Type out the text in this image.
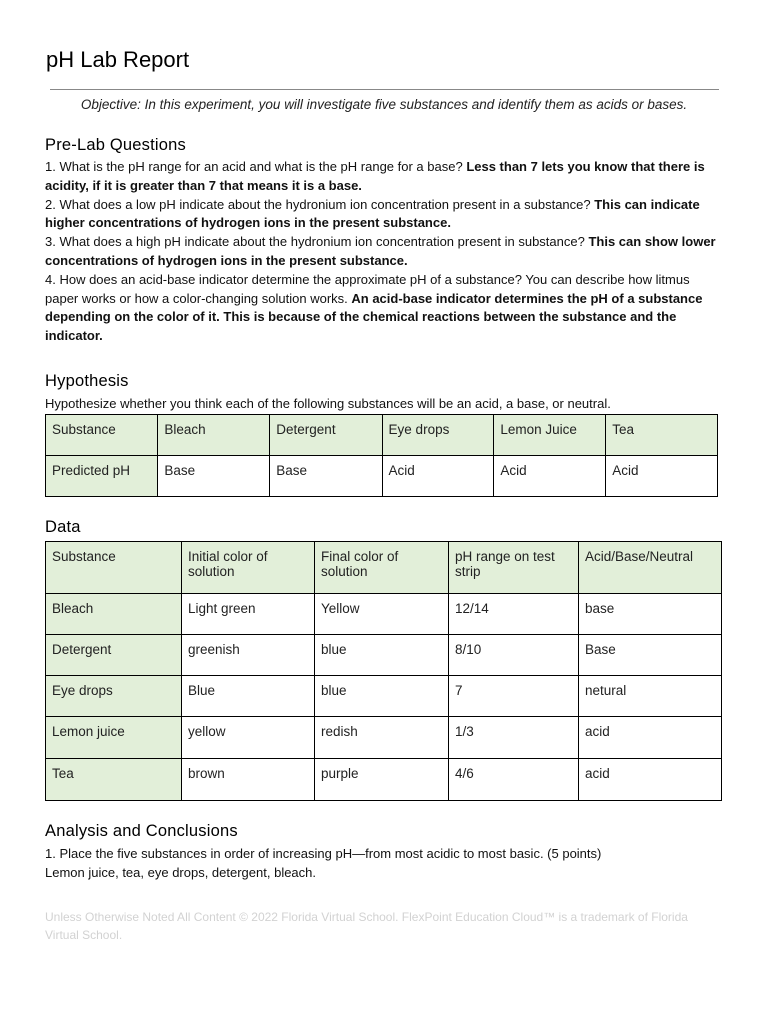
pH Lab Report
Objective: In this experiment, you will investigate five substances and identify them as acids or bases.
Pre-Lab Questions

1. What is the pH range for an acid and what is the pH range for a base? Less than 7 lets you know that there is acidity, if it is greater than 7 that means it is a base.

2. What does a low pH indicate about the hydronium ion concentration present in a substance? This can indicate higher concentrations of hydrogen ions in the present substance.

3. What does a high pH indicate about the hydronium ion concentration present in substance? This can show lower concentrations of hydrogen ions in the present substance.

4. How does an acid-base indicator determine the approximate pH of a substance? You can describe how litmus paper works or how a color-changing solution works. An acid-base indicator determines the pH of a substance depending on the color of it. This is because of the chemical reactions between the substance and the indicator.

Hypothesis
Hypothesize whether you think each of the following substances will be an acid, a base, or neutral.
Substance	Bleach	Detergent	Eye drops	Lemon Juice	Tea
Predicted pH	Base	Base	Acid	Acid	Acid
Data
Substance	Initial color of solution	Final color of solution	pH range on test strip	Acid/Base/Neutral
Bleach	Light green	Yellow	12/14	base
Detergent	greenish	blue	8/10	Base
Eye drops	Blue	blue	7	netural
Lemon juice	yellow	redish	1/3	acid
Tea	brown	purple	4/6	acid
Analysis and Conclusions

1. Place the five substances in order of increasing pH—from most acidic to most basic. (5 points)

Lemon juice, tea, eye drops, detergent, bleach.

Unless Otherwise Noted All Content © 2022 Florida Virtual School. FlexPoint Education Cloud™ is a trademark of Florida Virtual School.
